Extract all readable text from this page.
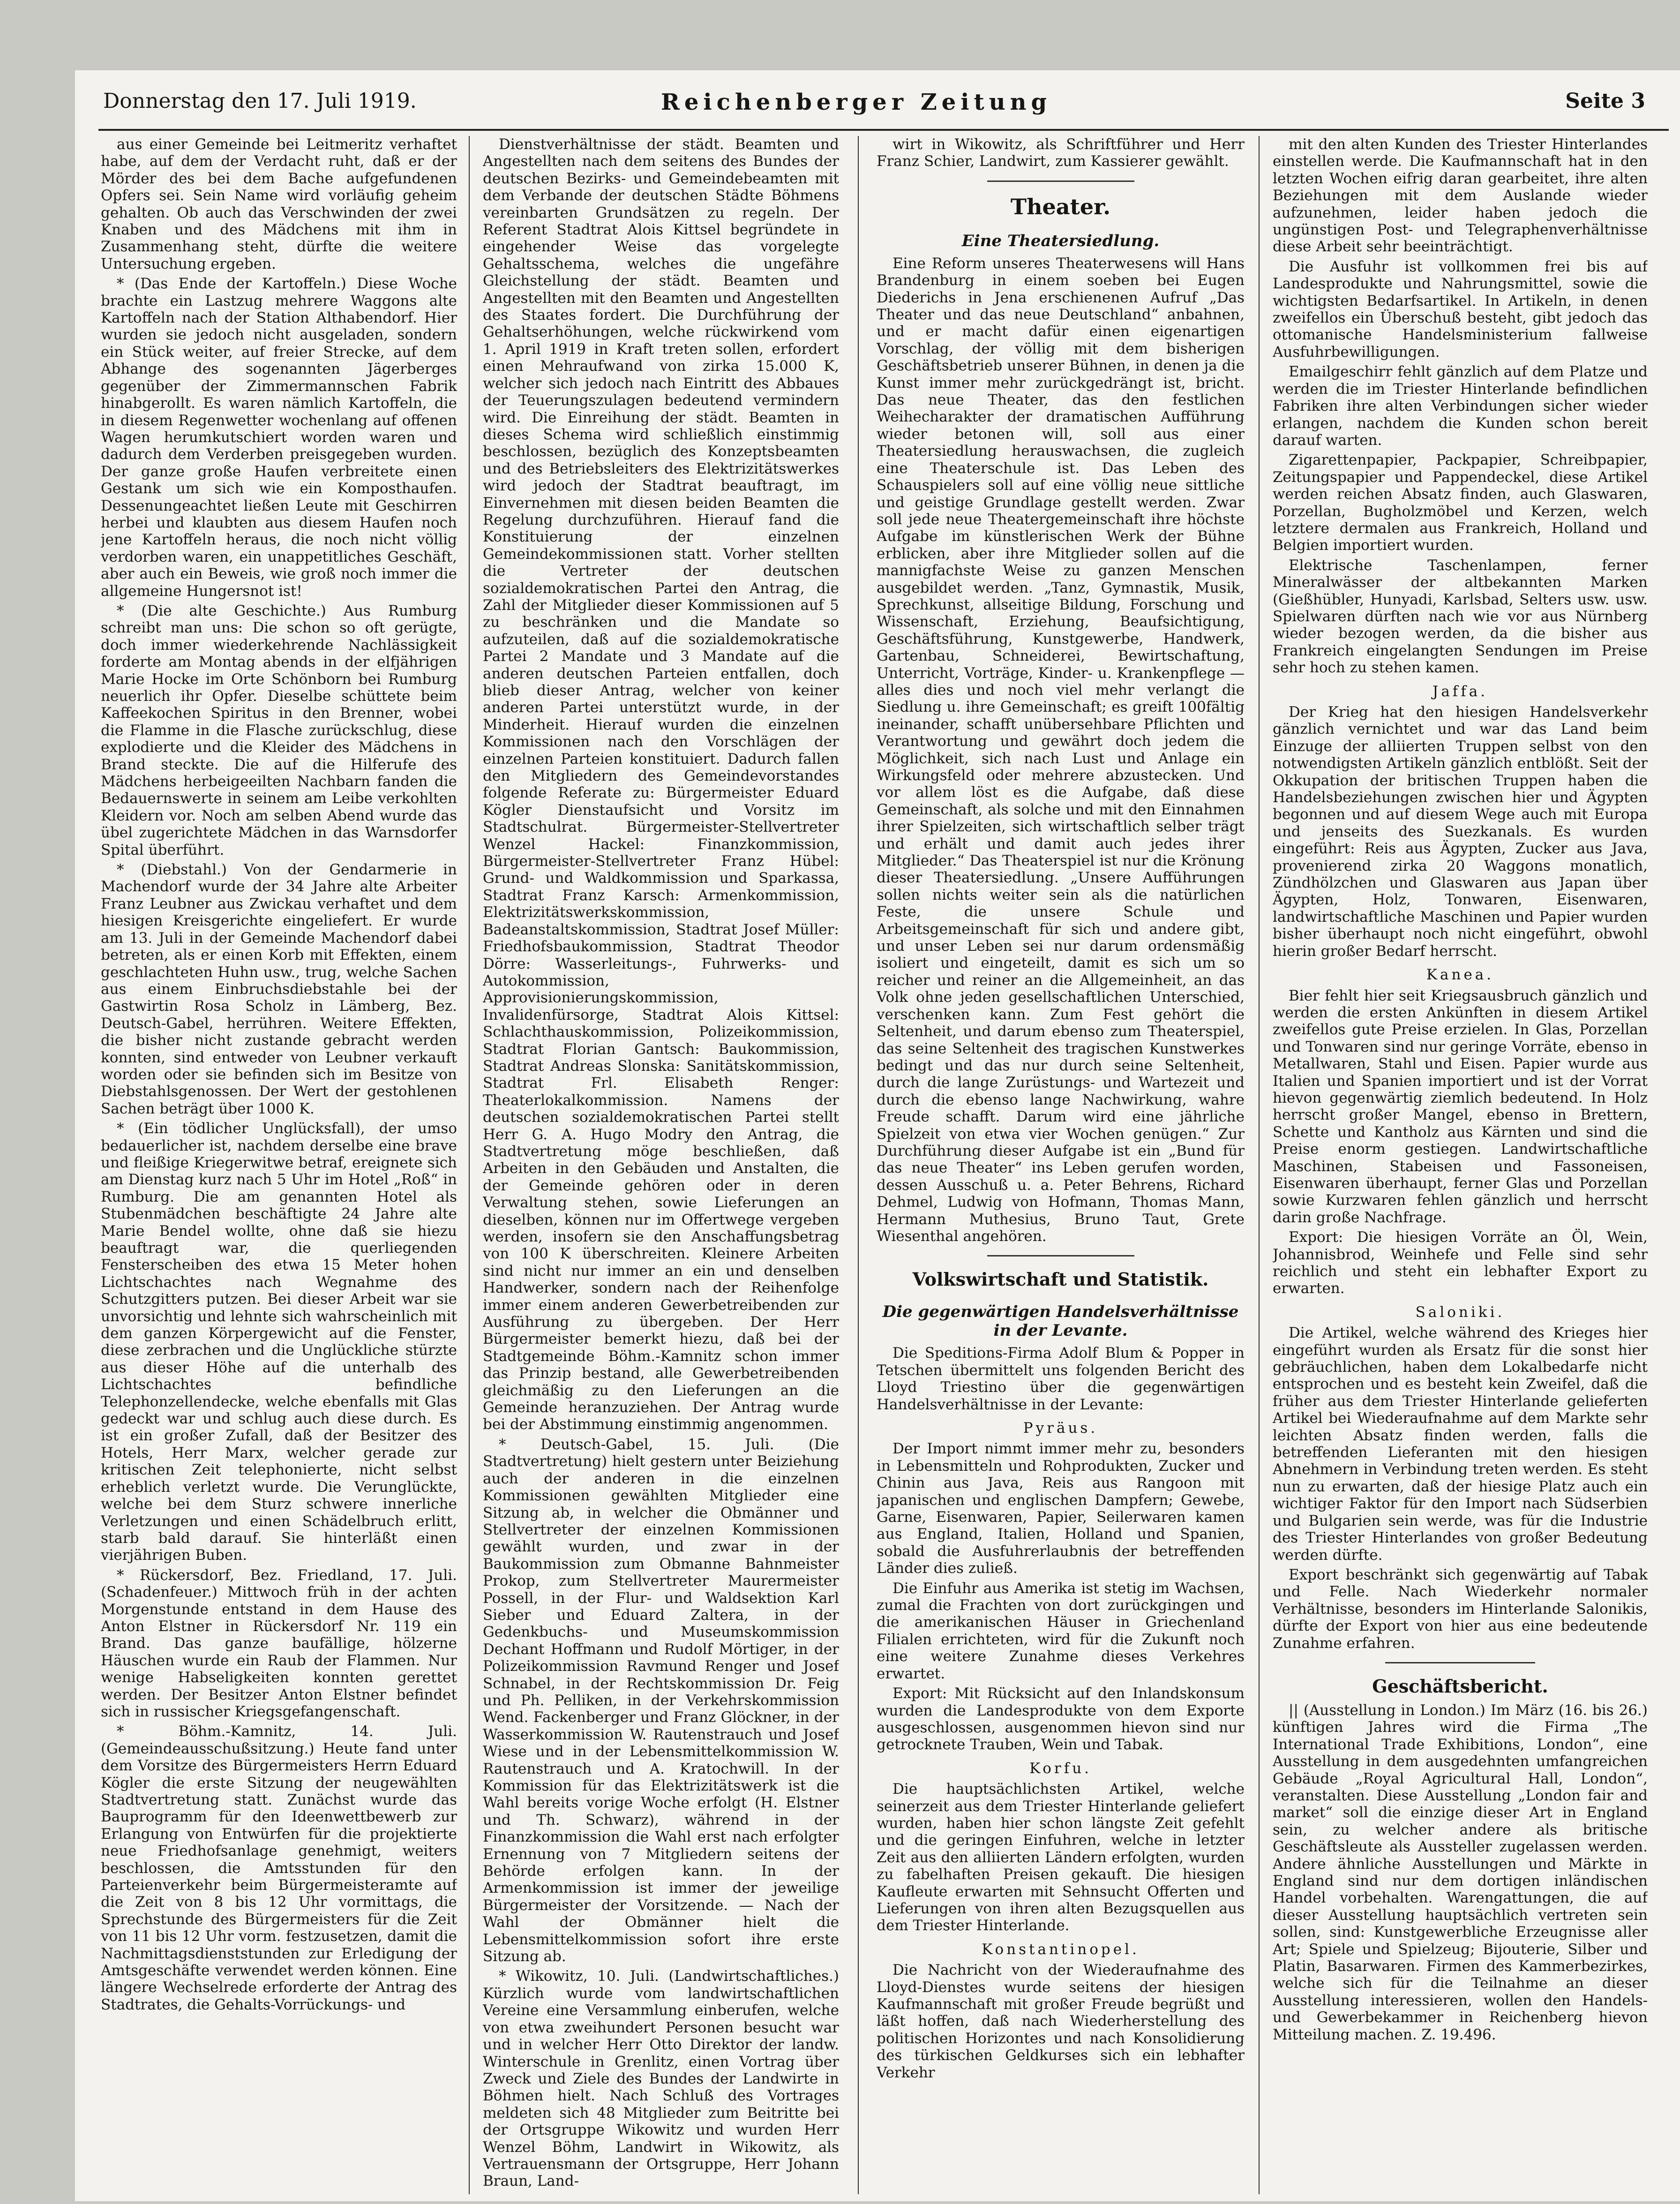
Donnerstag den 17. Juli 1919.	Reichenberger Zeitung	Seite 3

aus einer Gemeinde bei Leitmeritz verhaftet habe, auf dem der Verdacht ruht, daß er der Mörder des bei dem Bache aufgefundenen Opfers sei. Sein Name wird vorläufig geheim gehalten. Ob auch das Verschwinden der zwei Knaben und des Mädchens mit ihm in Zusammenhang steht, dürfte die weitere Untersuchung ergeben.

* (Das Ende der Kartoffeln.) Diese Woche brachte ein Lastzug mehrere Waggons alte Kartoffeln nach der Station Althabendorf. Hier wurden sie jedoch nicht ausgeladen, sondern ein Stück weiter, auf freier Strecke, auf dem Abhange des sogenannten Jägerberges gegenüber der Zimmermannschen Fabrik hinabgerollt. Es waren nämlich Kartoffeln, die in diesem Regenwetter wochenlang auf offenen Wagen herumkutschiert worden waren und dadurch dem Verderben preisgegeben wurden. Der ganze große Haufen verbreitete einen Gestank um sich wie ein Komposthaufen. Dessenungeachtet ließen Leute mit Geschirren herbei und klaubten aus diesem Haufen noch jene Kartoffeln heraus, die noch nicht völlig verdorben waren, ein unappetitliches Geschäft, aber auch ein Beweis, wie groß noch immer die allgemeine Hungersnot ist!

* (Die alte Geschichte.) Aus Rumburg schreibt man uns: Die schon so oft gerügte, doch immer wiederkehrende Nachlässigkeit forderte am Montag abends in der elfjährigen Marie Hocke im Orte Schönborn bei Rumburg neuerlich ihr Opfer. Dieselbe schüttete beim Kaffeekochen Spiritus in den Brenner, wobei die Flamme in die Flasche zurückschlug, diese explodierte und die Kleider des Mädchens in Brand steckte. Die auf die Hilferufe des Mädchens herbeigeeilten Nachbarn fanden die Bedauernswerte in seinem am Leibe verkohlten Kleidern vor. Noch am selben Abend wurde das übel zugerichtete Mädchen in das Warnsdorfer Spital überführt.

* (Diebstahl.) Von der Gendarmerie in Machendorf wurde der 34 Jahre alte Arbeiter Franz Leubner aus Zwickau verhaftet und dem hiesigen Kreisgerichte eingeliefert. Er wurde am 13. Juli in der Gemeinde Machendorf dabei betreten, als er einen Korb mit Effekten, einem geschlachteten Huhn usw., trug, welche Sachen aus einem Einbruchsdiebstahle bei der Gastwirtin Rosa Scholz in Lämberg, Bez. Deutsch-Gabel, herrühren. Weitere Effekten, die bisher nicht zustande gebracht werden konnten, sind entweder von Leubner verkauft worden oder sie befinden sich im Besitze von Diebstahlsgenossen. Der Wert der gestohlenen Sachen beträgt über 1000 K.

* (Ein tödlicher Unglücksfall), der umso bedauerlicher ist, nachdem derselbe eine brave und fleißige Kriegerwitwe betraf, ereignete sich am Dienstag kurz nach 5 Uhr im Hotel „Roß“ in Rumburg. Die am genannten Hotel als Stubenmädchen beschäftigte 24 Jahre alte Marie Bendel wollte, ohne daß sie hiezu beauftragt war, die querliegenden Fensterscheiben des etwa 15 Meter hohen Lichtschachtes nach Wegnahme des Schutzgitters putzen. Bei dieser Arbeit war sie unvorsichtig und lehnte sich wahrscheinlich mit dem ganzen Körpergewicht auf die Fenster, diese zerbrachen und die Unglückliche stürzte aus dieser Höhe auf die unterhalb des Lichtschachtes befindliche Telephonzellendecke, welche ebenfalls mit Glas gedeckt war und schlug auch diese durch. Es ist ein großer Zufall, daß der Besitzer des Hotels, Herr Marx, welcher gerade zur kritischen Zeit telephonierte, nicht selbst erheblich verletzt wurde. Die Verunglückte, welche bei dem Sturz schwere innerliche Verletzungen und einen Schädelbruch erlitt, starb bald darauf. Sie hinterläßt einen vierjährigen Buben.

* Rückersdorf, Bez. Friedland, 17. Juli. (Schadenfeuer.) Mittwoch früh in der achten Morgenstunde entstand in dem Hause des Anton Elstner in Rückersdorf Nr. 119 ein Brand. Das ganze baufällige, hölzerne Häuschen wurde ein Raub der Flammen. Nur wenige Habseligkeiten konnten gerettet werden. Der Besitzer Anton Elstner befindet sich in russischer Kriegsgefangenschaft.

* Böhm.-Kamnitz, 14. Juli. (Gemeindeausschußsitzung.) Heute fand unter dem Vorsitze des Bürgermeisters Herrn Eduard Kögler die erste Sitzung der neugewählten Stadtvertretung statt. Zunächst wurde das Bauprogramm für den Ideenwettbewerb zur Erlangung von Entwürfen für die projektierte neue Friedhofsanlage genehmigt, weiters beschlossen, die Amtsstunden für den Parteienverkehr beim Bürgermeisteramte auf die Zeit von 8 bis 12 Uhr vormittags, die Sprechstunde des Bürgermeisters für die Zeit von 11 bis 12 Uhr vorm. festzusetzen, damit die Nachmittagsdienststunden zur Erledigung der Amtsgeschäfte verwendet werden können. Eine längere Wechselrede erforderte der Antrag des Stadtrates, die Gehalts-Vorrückungs- und

Dienstverhältnisse der städt. Beamten und Angestellten nach dem seitens des Bundes der deutschen Bezirks- und Gemeindebeamten mit dem Verbande der deutschen Städte Böhmens vereinbarten Grundsätzen zu regeln. Der Referent Stadtrat Alois Kittsel begründete in eingehender Weise das vorgelegte Gehaltsschema, welches die ungefähre Gleichstellung der städt. Beamten und Angestellten mit den Beamten und Angestellten des Staates fordert. Die Durchführung der Gehaltserhöhungen, welche rückwirkend vom 1. April 1919 in Kraft treten sollen, erfordert einen Mehraufwand von zirka 15.000 K, welcher sich jedoch nach Eintritt des Abbaues der Teuerungszulagen bedeutend vermindern wird. Die Einreihung der städt. Beamten in dieses Schema wird schließlich einstimmig beschlossen, bezüglich des Konzeptsbeamten und des Betriebsleiters des Elektrizitätswerkes wird jedoch der Stadtrat beauftragt, im Einvernehmen mit diesen beiden Beamten die Regelung durchzuführen. Hierauf fand die Konstituierung der einzelnen Gemeindekommissionen statt. Vorher stellten die Vertreter der deutschen sozialdemokratischen Partei den Antrag, die Zahl der Mitglieder dieser Kommissionen auf 5 zu beschränken und die Mandate so aufzuteilen, daß auf die sozialdemokratische Partei 2 Mandate und 3 Mandate auf die anderen deutschen Parteien entfallen, doch blieb dieser Antrag, welcher von keiner anderen Partei unterstützt wurde, in der Minderheit. Hierauf wurden die einzelnen Kommissionen nach den Vorschlägen der einzelnen Parteien konstituiert. Dadurch fallen den Mitgliedern des Gemeindevorstandes folgende Referate zu: Bürgermeister Eduard Kögler Dienstaufsicht und Vorsitz im Stadtschulrat. Bürgermeister-Stellvertreter Wenzel Hackel: Finanzkommission, Bürgermeister-Stellvertreter Franz Hübel: Grund- und Waldkommission und Sparkassa, Stadtrat Franz Karsch: Armenkommission, Elektrizitätswerkskommission, Badeanstaltskommission, Stadtrat Josef Müller: Friedhofsbaukommission, Stadtrat Theodor Dörre: Wasserleitungs-, Fuhrwerks- und Autokommission, Approvisionierungskommission, Invalidenfürsorge, Stadtrat Alois Kittsel: Schlachthauskommission, Polizeikommission, Stadtrat Florian Gantsch: Baukommission, Stadtrat Andreas Slonska: Sanitätskommission, Stadtrat Frl. Elisabeth Renger: Theaterlokalkommission. Namens der deutschen sozialdemokratischen Partei stellt Herr G. A. Hugo Modry den Antrag, die Stadtvertretung möge beschließen, daß Arbeiten in den Gebäuden und Anstalten, die der Gemeinde gehören oder in deren Verwaltung stehen, sowie Lieferungen an dieselben, können nur im Offertwege vergeben werden, insofern sie den Anschaffungsbetrag von 100 K überschreiten. Kleinere Arbeiten sind nicht nur immer an ein und denselben Handwerker, sondern nach der Reihenfolge immer einem anderen Gewerbetreibenden zur Ausführung zu übergeben. Der Herr Bürgermeister bemerkt hiezu, daß bei der Stadtgemeinde Böhm.-Kamnitz schon immer das Prinzip bestand, alle Gewerbetreibenden gleichmäßig zu den Lieferungen an die Gemeinde heranzuziehen. Der Antrag wurde bei der Abstimmung einstimmig angenommen.

* Deutsch-Gabel, 15. Juli. (Die Stadtvertretung) hielt gestern unter Beiziehung auch der anderen in die einzelnen Kommissionen gewählten Mitglieder eine Sitzung ab, in welcher die Obmänner und Stellvertreter der einzelnen Kommissionen gewählt wurden, und zwar in der Baukommission zum Obmanne Bahnmeister Prokop, zum Stellvertreter Maurermeister Possell, in der Flur- und Waldsektion Karl Sieber und Eduard Zaltera, in der Gedenkbuchs- und Museumskommission Dechant Hoffmann und Rudolf Mörtiger, in der Polizeikommission Ravmund Renger und Josef Schnabel, in der Rechtskommission Dr. Feig und Ph. Pelliken, in der Verkehrskommission Wend. Fackenberger und Franz Glöckner, in der Wasserkommission W. Rautenstrauch und Josef Wiese und in der Lebensmittelkommission W. Rautenstrauch und A. Kratochwill. In der Kommission für das Elektrizitätswerk ist die Wahl bereits vorige Woche erfolgt (H. Elstner und Th. Schwarz), während in der Finanzkommission die Wahl erst nach erfolgter Ernennung von 7 Mitgliedern seitens der Behörde erfolgen kann. In der Armenkommission ist immer der jeweilige Bürgermeister der Vorsitzende. — Nach der Wahl der Obmänner hielt die Lebensmittelkommission sofort ihre erste Sitzung ab.

* Wikowitz, 10. Juli. (Landwirtschaftliches.) Kürzlich wurde vom landwirtschaftlichen Vereine eine Versammlung einberufen, welche von etwa zweihundert Personen besucht war und in welcher Herr Otto Direktor der landw. Winterschule in Grenlitz, einen Vortrag über Zweck und Ziele des Bundes der Landwirte in Böhmen hielt. Nach Schluß des Vortrages meldeten sich 48 Mitglieder zum Beitritte bei der Ortsgruppe Wikowitz und wurden Herr Wenzel Böhm, Landwirt in Wikowitz, als Vertrauensmann der Ortsgruppe, Herr Johann Braun, Land-

wirt in Wikowitz, als Schriftführer und Herr Franz Schier, Landwirt, zum Kassierer gewählt.

Theater.
Eine Theatersiedlung.

Eine Reform unseres Theaterwesens will Hans Brandenburg in einem soeben bei Eugen Diederichs in Jena erschienenen Aufruf „Das Theater und das neue Deutschland“ anbahnen, und er macht dafür einen eigenartigen Vorschlag, der völlig mit dem bisherigen Geschäftsbetrieb unserer Bühnen, in denen ja die Kunst immer mehr zurückgedrängt ist, bricht. Das neue Theater, das den festlichen Weihecharakter der dramatischen Aufführung wieder betonen will, soll aus einer Theatersiedlung herauswachsen, die zugleich eine Theaterschule ist. Das Leben des Schauspielers soll auf eine völlig neue sittliche und geistige Grundlage gestellt werden. Zwar soll jede neue Theatergemeinschaft ihre höchste Aufgabe im künstlerischen Werk der Bühne erblicken, aber ihre Mitglieder sollen auf die mannigfachste Weise zu ganzen Menschen ausgebildet werden. „Tanz, Gymnastik, Musik, Sprechkunst, allseitige Bildung, Forschung und Wissenschaft, Erziehung, Beaufsichtigung, Geschäftsführung, Kunstgewerbe, Handwerk, Gartenbau, Schneiderei, Bewirtschaftung, Unterricht, Vorträge, Kinder- u. Krankenpflege — alles dies und noch viel mehr verlangt die Siedlung u. ihre Gemeinschaft; es greift 100fältig ineinander, schafft unübersehbare Pflichten und Verantwortung und gewährt doch jedem die Möglichkeit, sich nach Lust und Anlage ein Wirkungsfeld oder mehrere abzustecken. Und vor allem löst es die Aufgabe, daß diese Gemeinschaft, als solche und mit den Einnahmen ihrer Spielzeiten, sich wirtschaftlich selber trägt und erhält und damit auch jedes ihrer Mitglieder.“ Das Theaterspiel ist nur die Krönung dieser Theatersiedlung. „Unsere Aufführungen sollen nichts weiter sein als die natürlichen Feste, die unsere Schule und Arbeitsgemeinschaft für sich und andere gibt, und unser Leben sei nur darum ordensmäßig isoliert und eingeteilt, damit es sich um so reicher und reiner an die Allgemeinheit, an das Volk ohne jeden gesellschaftlichen Unterschied, verschenken kann. Zum Fest gehört die Seltenheit, und darum ebenso zum Theaterspiel, das seine Seltenheit des tragischen Kunstwerkes bedingt und das nur durch seine Seltenheit, durch die lange Zurüstungs- und Wartezeit und durch die ebenso lange Nachwirkung, wahre Freude schafft. Darum wird eine jährliche Spielzeit von etwa vier Wochen genügen.“ Zur Durchführung dieser Aufgabe ist ein „Bund für das neue Theater“ ins Leben gerufen worden, dessen Ausschuß u. a. Peter Behrens, Richard Dehmel, Ludwig von Hofmann, Thomas Mann, Hermann Muthesius, Bruno Taut, Grete Wiesenthal angehören.

Volkswirtschaft und Statistik.
Die gegenwärtigen Handelsverhältnisse in der Levante.

Die Speditions-Firma Adolf Blum & Popper in Tetschen übermittelt uns folgenden Bericht des Lloyd Triestino über die gegenwärtigen Handelsverhältnisse in der Levante:

Pyräus.

Der Import nimmt immer mehr zu, besonders in Lebensmitteln und Rohprodukten, Zucker und Chinin aus Java, Reis aus Rangoon mit japanischen und englischen Dampfern; Gewebe, Garne, Eisenwaren, Papier, Seilerwaren kamen aus England, Italien, Holland und Spanien, sobald die Ausfuhrerlaubnis der betreffenden Länder dies zuließ.

Die Einfuhr aus Amerika ist stetig im Wachsen, zumal die Frachten von dort zurückgingen und die amerikanischen Häuser in Griechenland Filialen errichteten, wird für die Zukunft noch eine weitere Zunahme dieses Verkehres erwartet.

Export: Mit Rücksicht auf den Inlandskonsum wurden die Landesprodukte von dem Exporte ausgeschlossen, ausgenommen hievon sind nur getrocknete Trauben, Wein und Tabak.

Korfu.

Die hauptsächlichsten Artikel, welche seinerzeit aus dem Triester Hinterlande geliefert wurden, haben hier schon längste Zeit gefehlt und die geringen Einfuhren, welche in letzter Zeit aus den alliierten Ländern erfolgten, wurden zu fabelhaften Preisen gekauft. Die hiesigen Kaufleute erwarten mit Sehnsucht Offerten und Lieferungen von ihren alten Bezugsquellen aus dem Triester Hinterlande.

Konstantinopel.

Die Nachricht von der Wiederaufnahme des Lloyd-Dienstes wurde seitens der hiesigen Kaufmannschaft mit großer Freude begrüßt und läßt hoffen, daß nach Wiederherstellung des politischen Horizontes und nach Konsolidierung des türkischen Geldkurses sich ein lebhafter Verkehr

mit den alten Kunden des Triester Hinterlandes einstellen werde. Die Kaufmannschaft hat in den letzten Wochen eifrig daran gearbeitet, ihre alten Beziehungen mit dem Auslande wieder aufzunehmen, leider haben jedoch die ungünstigen Post- und Telegraphenverhältnisse diese Arbeit sehr beeinträchtigt.

Die Ausfuhr ist vollkommen frei bis auf Landesprodukte und Nahrungsmittel, sowie die wichtigsten Bedarfsartikel. In Artikeln, in denen zweifellos ein Überschuß besteht, gibt jedoch das ottomanische Handelsministerium fallweise Ausfuhrbewilligungen.

Emailgeschirr fehlt gänzlich auf dem Platze und werden die im Triester Hinterlande befindlichen Fabriken ihre alten Verbindungen sicher wieder erlangen, nachdem die Kunden schon bereit darauf warten.

Zigarettenpapier, Packpapier, Schreibpapier, Zeitungspapier und Pappendeckel, diese Artikel werden reichen Absatz finden, auch Glaswaren, Porzellan, Bugholzmöbel und Kerzen, welch letztere dermalen aus Frankreich, Holland und Belgien importiert wurden.

Elektrische Taschenlampen, ferner Mineralwässer der altbekannten Marken (Gießhübler, Hunyadi, Karlsbad, Selters usw. usw. Spielwaren dürften nach wie vor aus Nürnberg wieder bezogen werden, da die bisher aus Frankreich eingelangten Sendungen im Preise sehr hoch zu stehen kamen.

Jaffa.

Der Krieg hat den hiesigen Handelsverkehr gänzlich vernichtet und war das Land beim Einzuge der alliierten Truppen selbst von den notwendigsten Artikeln gänzlich entblößt. Seit der Okkupation der britischen Truppen haben die Handelsbeziehungen zwischen hier und Ägypten begonnen und auf diesem Wege auch mit Europa und jenseits des Suezkanals. Es wurden eingeführt: Reis aus Ägypten, Zucker aus Java, provenierend zirka 20 Waggons monatlich, Zündhölzchen und Glaswaren aus Japan über Ägypten, Holz, Tonwaren, Eisenwaren, landwirtschaftliche Maschinen und Papier wurden bisher überhaupt noch nicht eingeführt, obwohl hierin großer Bedarf herrscht.

Kanea.

Bier fehlt hier seit Kriegsausbruch gänzlich und werden die ersten Ankünften in diesem Artikel zweifellos gute Preise erzielen. In Glas, Porzellan und Tonwaren sind nur geringe Vorräte, ebenso in Metallwaren, Stahl und Eisen. Papier wurde aus Italien und Spanien importiert und ist der Vorrat hievon gegenwärtig ziemlich bedeutend. In Holz herrscht großer Mangel, ebenso in Brettern, Schette und Kantholz aus Kärnten und sind die Preise enorm gestiegen. Landwirtschaftliche Maschinen, Stabeisen und Fassoneisen, Eisenwaren überhaupt, ferner Glas und Porzellan sowie Kurzwaren fehlen gänzlich und herrscht darin große Nachfrage.

Export: Die hiesigen Vorräte an Öl, Wein, Johannisbrod, Weinhefe und Felle sind sehr reichlich und steht ein lebhafter Export zu erwarten.

Saloniki.

Die Artikel, welche während des Krieges hier eingeführt wurden als Ersatz für die sonst hier gebräuchlichen, haben dem Lokalbedarfe nicht entsprochen und es besteht kein Zweifel, daß die früher aus dem Triester Hinterlande gelieferten Artikel bei Wiederaufnahme auf dem Markte sehr leichten Absatz finden werden, falls die betreffenden Lieferanten mit den hiesigen Abnehmern in Verbindung treten werden. Es steht nun zu erwarten, daß der hiesige Platz auch ein wichtiger Faktor für den Import nach Südserbien und Bulgarien sein werde, was für die Industrie des Triester Hinterlandes von großer Bedeutung werden dürfte.

Export beschränkt sich gegenwärtig auf Tabak und Felle. Nach Wiederkehr normaler Verhältnisse, besonders im Hinterlande Salonikis, dürfte der Export von hier aus eine bedeutende Zunahme erfahren.

Geschäftsbericht.

|| (Ausstellung in London.) Im März (16. bis 26.) künftigen Jahres wird die Firma „The International Trade Exhibitions, London“, eine Ausstellung in dem ausgedehnten umfangreichen Gebäude „Royal Agricultural Hall, London“, veranstalten. Diese Ausstellung „London fair and market“ soll die einzige dieser Art in England sein, zu welcher andere als britische Geschäftsleute als Aussteller zugelassen werden. Andere ähnliche Ausstellungen und Märkte in England sind nur dem dortigen inländischen Handel vorbehalten. Warengattungen, die auf dieser Ausstellung hauptsächlich vertreten sein sollen, sind: Kunstgewerbliche Erzeugnisse aller Art; Spiele und Spielzeug; Bijouterie, Silber und Platin, Basarwaren. Firmen des Kammerbezirkes, welche sich für die Teilnahme an dieser Ausstellung interessieren, wollen den Handels- und Gewerbekammer in Reichenberg hievon Mitteilung machen. Z. 19.496.
